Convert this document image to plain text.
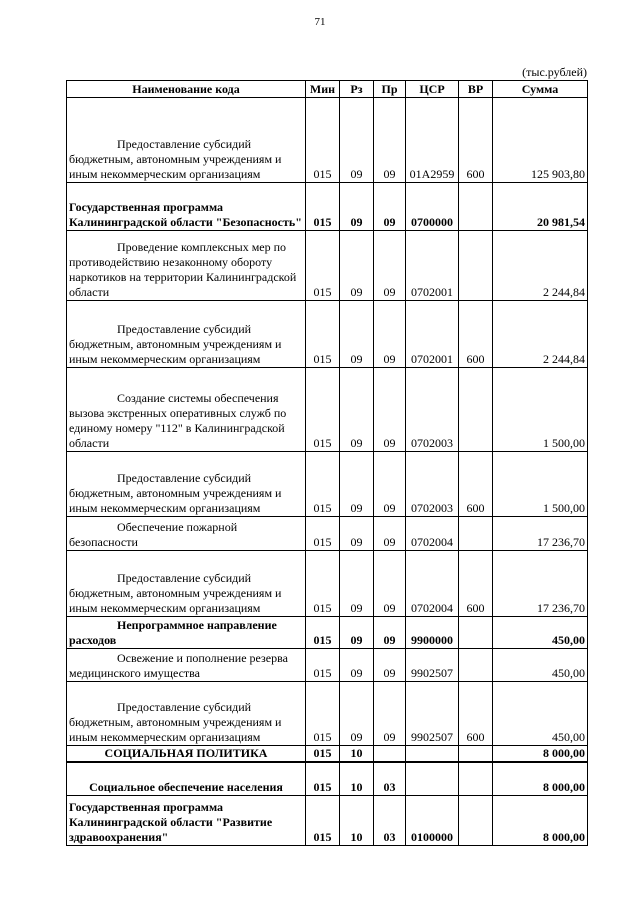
71
(тыс.рублей)
Наименование кода	Мин	Рз	Пр	ЦСР	ВР	Сумма
Предоставление субсидий бюджетным, автономным учреждениям и иным некоммерческим организациям	015	09	09	01А2959	600	125 903,80
Государственная программа Калининградской области "Безопасность"	015	09	09	0700000		20 981,54
Проведение комплексных мер по противодействию незаконному обороту наркотиков на территории Калининградской области	015	09	09	0702001		2 244,84
Предоставление субсидий бюджетным, автономным учреждениям и иным некоммерческим организациям	015	09	09	0702001	600	2 244,84
Создание системы обеспечения вызова экстренных оперативных служб по единому номеру "112" в Калининградской области	015	09	09	0702003		1 500,00
Предоставление субсидий бюджетным, автономным учреждениям и иным некоммерческим организациям	015	09	09	0702003	600	1 500,00
Обеспечение пожарной безопасности	015	09	09	0702004		17 236,70
Предоставление субсидий бюджетным, автономным учреждениям и иным некоммерческим организациям	015	09	09	0702004	600	17 236,70
Непрограммное направление расходов	015	09	09	9900000		450,00
Освежение и пополнение резерва медицинского имущества	015	09	09	9902507		450,00
Предоставление субсидий бюджетным, автономным учреждениям и иным некоммерческим организациям	015	09	09	9902507	600	450,00
СОЦИАЛЬНАЯ ПОЛИТИКА	015	10				8 000,00
Социальное обеспечение населения	015	10	03			8 000,00
Государственная программа Калининградской области "Развитие здравоохранения"	015	10	03	0100000		8 000,00
